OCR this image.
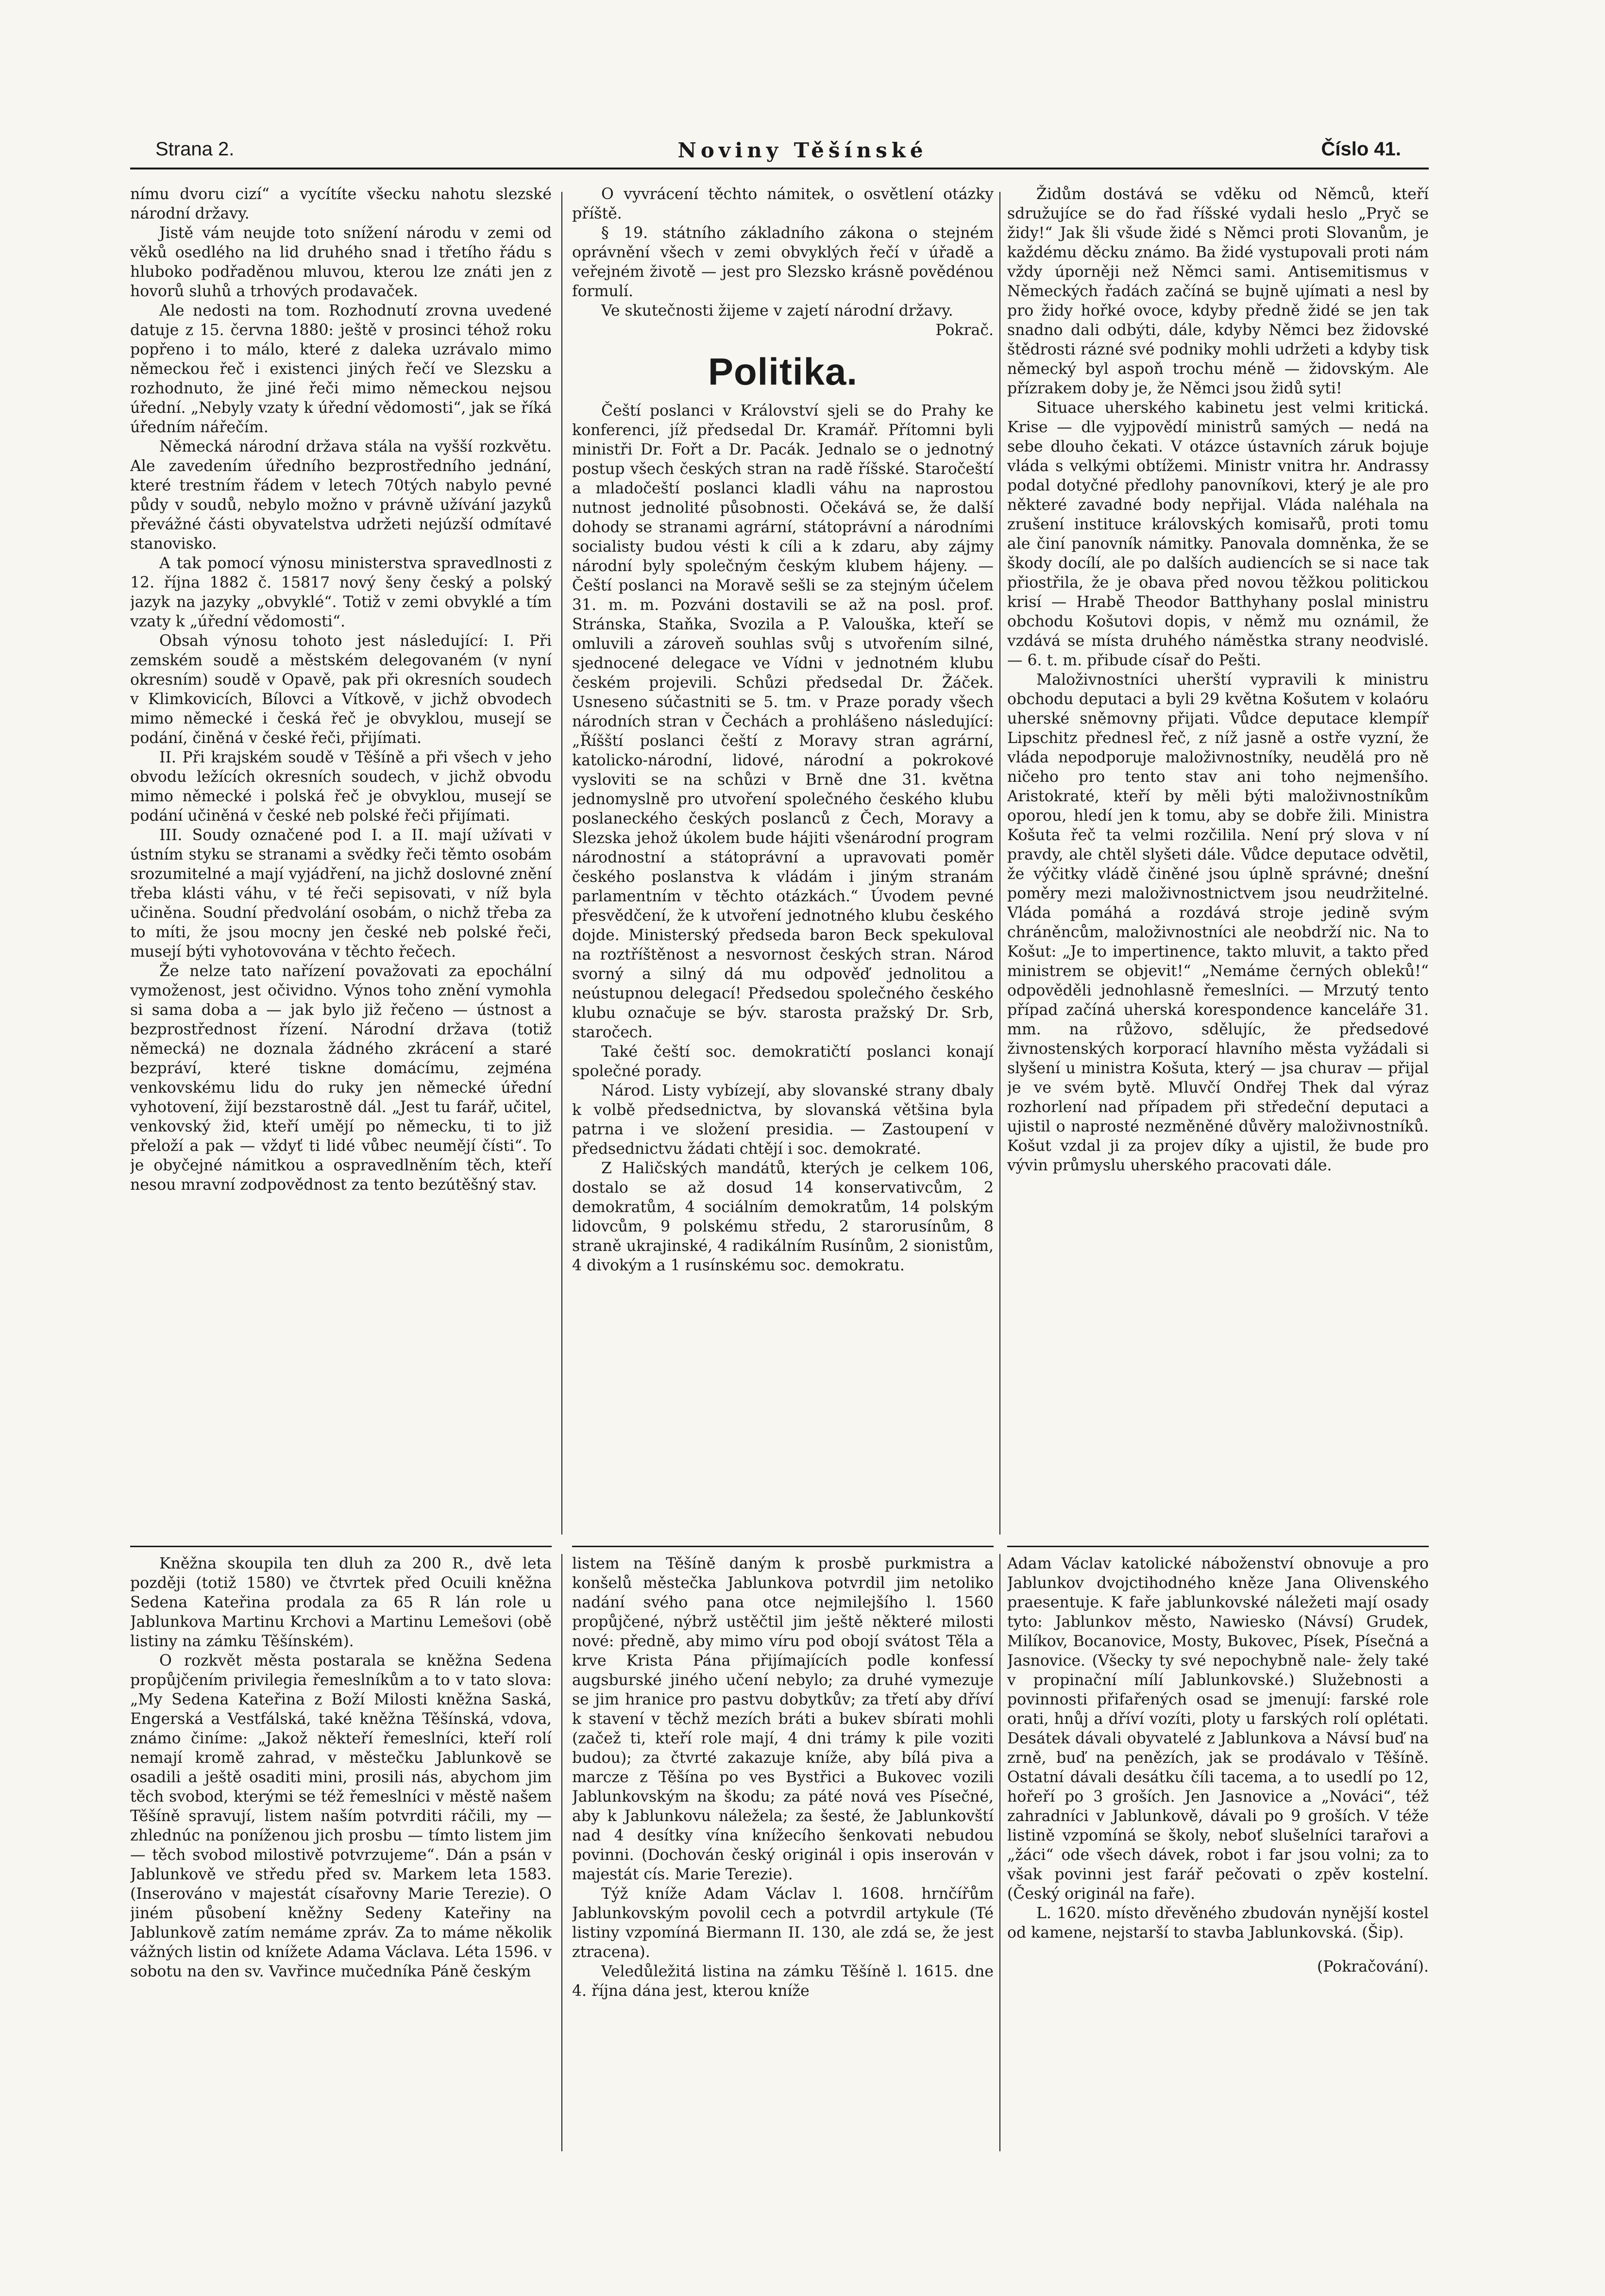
Strana 2.	Noviny Těšínské	Číslo 41.

nímu dvoru cizí“ a vycítíte všecku nahotu slezské národní državy.

Jistě vám neujde toto snížení národu v zemi od věků osedlého na lid druhého snad i třetího řádu s hluboko podřaděnou mluvou, kterou lze znáti jen z hovorů sluhů a trhových prodavaček.

Ale nedosti na tom. Rozhodnutí zrovna uvedené datuje z 15. června 1880: ještě v prosinci téhož roku popřeno i to málo, které z daleka uzrávalo mimo německou řeč i existenci jiných řečí ve Slezsku a rozhodnuto, že jiné řeči mimo německou nejsou úřední. „Nebyly vzaty k úřední vědomosti“, jak se říká úředním nářečím.

Německá národní država stála na vyšší rozkvětu. Ale zavedením úředního bezprostředního jednání, které trestním řádem v letech 70tých nabylo pevné půdy v soudů, nebylo možno v právně užívání jazyků převážné části obyvatelstva udržeti nejúzší odmítavé stanovisko.

A tak pomocí výnosu ministerstva spravedlnosti z 12. října 1882 č. 15817 nový šeny český a polský jazyk na jazyky „obvyklé“. Totiž v zemi obvyklé a tím vzaty k „úřední vědomosti“.

Obsah výnosu tohoto jest následující: I. Při zemském soudě a městském delegovaném (v nyní okresním) soudě v Opavě, pak při okresních soudech v Klimkovicích, Bílovci a Vítkově, v jichž obvodech mimo německé i česká řeč je obvyklou, musejí se podání, činěná v české řeči, přijímati.

II. Při krajském soudě v Těšíně a při všech v jeho obvodu ležících okresních soudech, v jichž obvodu mimo německé i polská řeč je obvyklou, musejí se podání učiněná v české neb polské řeči přijímati.

III. Soudy označené pod I. a II. mají užívati v ústním styku se stranami a svědky řeči těmto osobám srozumitelné a mají vyjádření, na jichž doslovné znění třeba klásti váhu, v té řeči sepisovati, v níž byla učiněna. Soudní předvolání osobám, o nichž třeba za to míti, že jsou mocny jen české neb polské řeči, musejí býti vyhotovována v těchto řečech.

Že nelze tato nařízení považovati za epochální vymoženost, jest očividno. Výnos toho znění vymohla si sama doba a — jak bylo již řečeno — ústnost a bezprostřednost řízení. Národní država (totiž německá) ne doznala žádného zkrácení a staré bezpráví, které tiskne domácímu, zejména venkovskému lidu do ruky jen německé úřední vyhotovení, žijí bezstarostně dál. „Jest tu farář, učitel, venkovský žid, kteří umějí po německu, ti to již přeloží a pak — vždyť ti lidé vůbec neumějí čísti“. To je obyčejné námitkou a ospravedlněním těch, kteří nesou mravní zodpovědnost za tento bezútěšný stav.

O vyvrácení těchto námitek, o osvětlení otázky příště.

§ 19. státního základního zákona o stejném oprávnění všech v zemi obvyklých řečí v úřadě a veřejném životě — jest pro Slezsko krásně povědénou formulí.

Ve skutečnosti žijeme v zajetí národní državy.

Pokrač.

Politika.

Čeští poslanci v Království sjeli se do Prahy ke konferenci, jíž předsedal Dr. Kramář. Přítomni byli ministři Dr. Fořt a Dr. Pacák. Jednalo se o jednotný postup všech českých stran na radě říšské. Staročeští a mladočeští poslanci kladli váhu na naprostou nutnost jednolité působnosti. Očekává se, že další dohody se stranami agrární, státoprávní a národními socialisty budou vésti k cíli a k zdaru, aby zájmy národní byly společným českým klubem hájeny. — Čeští poslanci na Moravě sešli se za stejným účelem 31. m. m. Pozváni dostavili se až na posl. prof. Stránska, Staňka, Svozila a P. Valouška, kteří se omluvili a zároveň souhlas svůj s utvořením silné, sjednocené delegace ve Vídni v jednotném klubu českém projevili. Schůzi předsedal Dr. Žáček. Usneseno súčastniti se 5. tm. v Praze porady všech národních stran v Čechách a prohlášeno následující: „Říšští poslanci čeští z Moravy stran agrární, katolicko-národní, lidové, národní a pokrokové vysloviti se na schůzi v Brně dne 31. května jednomyslně pro utvoření společného českého klubu poslaneckého českých poslanců z Čech, Moravy a Slezska jehož úkolem bude hájiti všenárodní program národnostní a státoprávní a upravovati poměr českého poslanstva k vládám i jiným stranám parlamentním v těchto otázkách.“ Úvodem pevné přesvědčení, že k utvoření jednotného klubu českého dojde. Ministerský předseda baron Beck spekuloval na roztříštěnost a nesvornost českých stran. Národ svorný a silný dá mu odpověď jednolitou a neústupnou delegací! Předsedou společného českého klubu označuje se býv. starosta pražský Dr. Srb, staročech.

Také čeští soc. demokratičtí poslanci konají společné porady.

Národ. Listy vybízejí, aby slovanské strany dbaly k volbě předsednictva, by slovanská většina byla patrna i ve složení presidia. — Zastoupení v předsednictvu žádati chtějí i soc. demokraté.

Z Haličských mandátů, kterých je celkem 106, dostalo se až dosud 14 konservativcům, 2 demokratům, 4 sociálním demokratům, 14 polským lidovcům, 9 polskému středu, 2 starorusínům, 8 straně ukrajinské, 4 radikálním Rusínům, 2 sionistům, 4 divokým a 1 rusínskému soc. demokratu.

Židům dostává se vděku od Němců, kteří sdružujíce se do řad říšské vydali heslo „Pryč se židy!“ Jak šli všude židé s Němci proti Slovanům, je každému děcku známo. Ba židé vystupovali proti nám vždy úporněji než Němci sami. Antisemitismus v Německých řadách začíná se bujně ujímati a nesl by pro židy hořké ovoce, kdyby předně židé se jen tak snadno dali odbýti, dále, kdyby Němci bez židovské štědrosti rázné své podniky mohli udržeti a kdyby tisk německý byl aspoň trochu méně — židovským. Ale přízrakem doby je, že Němci jsou židů syti!

Situace uherského kabinetu jest velmi kritická. Krise — dle vyjpovědí ministrů samých — nedá na sebe dlouho čekati. V otázce ústavních záruk bojuje vláda s velkými obtížemi. Ministr vnitra hr. Andrassy podal dotyčné předlohy panovníkovi, který je ale pro některé zavadné body nepřijal. Vláda naléhala na zrušení instituce královských komisařů, proti tomu ale činí panovník námitky. Panovala domněnka, že se škody docílí, ale po dalších audiencích se si nace tak přiostřila, že je obava před novou těžkou politickou krisí — Hrabě Theodor Batthyhany poslal ministru obchodu Košutovi dopis, v němž mu oznámil, že vzdává se místa druhého náměstka strany neodvislé. — 6. t. m. přibude císař do Pešti.

Maloživnostníci uherští vypravili k ministru obchodu deputaci a byli 29 května Košutem v kolaóru uherské sněmovny přijati. Vůdce deputace klempíř Lipschitz přednesl řeč, z níž jasně a ostře vyzní, že vláda nepodporuje maloživnostníky, neudělá pro ně ničeho pro tento stav ani toho nejmenšího. Aristokraté, kteří by měli býti maloživnostníkům oporou, hledí jen k tomu, aby se dobře žili. Ministra Košuta řeč ta velmi rozčilila. Není prý slova v ní pravdy, ale chtěl slyšeti dále. Vůdce deputace odvětil, že výčitky vládě činěné jsou úplně správné; dnešní poměry mezi maloživnostnictvem jsou neudržitelné. Vláda pomáhá a rozdává stroje jedině svým chráněncům, maloživnostníci ale neobdrží nic. Na to Košut: „Je to impertinence, takto mluvit, a takto před ministrem se objevit!“ „Nemáme černých obleků!“ odpověděli jednohlasně řemeslníci. — Mrzutý tento případ začíná uherská korespondence kanceláře 31. mm. na růžovo, sdělujíc, že předsedové živnostenských korporací hlavního města vyžádali si slyšení u ministra Košuta, který — jsa churav — přijal je ve svém bytě. Mluvčí Ondřej Thek dal výraz rozhorlení nad případem při středeční deputaci a ujistil o naprosté nezměněné důvěry maloživnostníků. Košut vzdal ji za projev díky a ujistil, že bude pro vývin průmyslu uherského pracovati dále.

Kněžna skoupila ten dluh za 200 R., dvě leta později (totiž 1580) ve čtvrtek před Ocuili kněžna Sedena Kateřina prodala za 65 R lán role u Jablunkova Martinu Krchovi a Martinu Lemešovi (obě listiny na zámku Těšínském).

O rozkvět města postarala se kněžna Sedena propůjčením privilegia řemeslníkům a to v tato slova: „My Sedena Kateřina z Boží Milosti kněžna Saská, Engerská a Vestfálská, také kněžna Těšínská, vdova, známo činíme: „Jakož někteří řemeslníci, kteří rolí nemají kromě zahrad, v městečku Jablunkově se osadili a ještě osaditi mini, prosili nás, abychom jim těch svobod, kterými se též řemeslníci v městě našem Těšíně spravují, listem naším potvrditi ráčili, my — zhlednúc na poníženou jich prosbu — tímto listem jim — těch svobod milostivě potvrzujeme“. Dán a psán v Jablunkově ve středu před sv. Markem leta 1583. (Inserováno v majestát císařovny Marie Terezie). O jiném působení kněžny Sedeny Kateřiny na Jablunkově zatím nemáme zpráv. Za to máme několik vážných listin od knížete Adama Václava. Léta 1596. v sobotu na den sv. Vavřince mučedníka Páně českým

listem na Těšíně daným k prosbě purkmistra a konšelů městečka Jablunkova potvrdil jim netoliko nadání svého pana otce nejmilejšího l. 1560 propůjčené, nýbrž ustěčtil jim ještě některé milosti nové: předně, aby mimo víru pod obojí svátost Těla a krve Krista Pána přijímajících podle konfessí augsburské jiného učení nebylo; za druhé vymezuje se jim hranice pro pastvu dobytkův; za třetí aby dříví k stavení v těchž mezích bráti a bukev sbírati mohli (začež ti, kteří role mají, 4 dni trámy k pile voziti budou); za čtvrté zakazuje kníže, aby bílá piva a marcze z Těšína po ves Bystřici a Bukovec vozili Jablunkovským na škodu; za páté nová ves Písečné, aby k Jablunkovu náležela; za šesté, že Jablunkovští nad 4 desítky vína knížecího šenkovati nebudou povinni. (Dochován český originál i opis inserován v majestát cís. Marie Terezie).

Týž kníže Adam Václav l. 1608. hrnčířům Jablunkovským povolil cech a potvrdil artykule (Té listiny vzpomíná Biermann II. 130, ale zdá se, že jest ztracena).

Veledůležitá listina na zámku Těšíně l. 1615. dne 4. října dána jest, kterou kníže

Adam Václav katolické náboženství obnovuje a pro Jablunkov dvojctihodného kněze Jana Olivenského praesentuje. K faře jablunkovské náležeti mají osady tyto: Jablunkov město, Nawiesko (Návsí) Grudek, Milíkov, Bocanovice, Mosty, Bukovec, Písek, Písečná a Jasnovice. (Všecky ty své nepochybně nale- žely také v propinační mílí Jablunkovské.) Služebnosti a povinnosti přifařených osad se jmenují: farské role orati, hnůj a dříví vozíti, ploty u farských rolí oplétati. Desátek dávali obyvatelé z Jablunkova a Návsí buď na zrně, buď na penězích, jak se prodávalo v Těšíně. Ostatní dávali desátku číli tacema, a to usedlí po 12, hořeří po 3 groších. Jen Jasnovice a „Nováci“, též zahradníci v Jablunkově, dávali po 9 groších. V téže listině vzpomíná se školy, neboť slušelníci tarařovi a „žáci“ ode všech dávek, robot i far jsou volni; za to však povinni jest farář pečovati o zpěv kostelní. (Český originál na faře).

L. 1620. místo dřevěného zbudován nynější kostel od kamene, nejstarší to stavba Jablunkovská. (Šip).

(Pokračování).
